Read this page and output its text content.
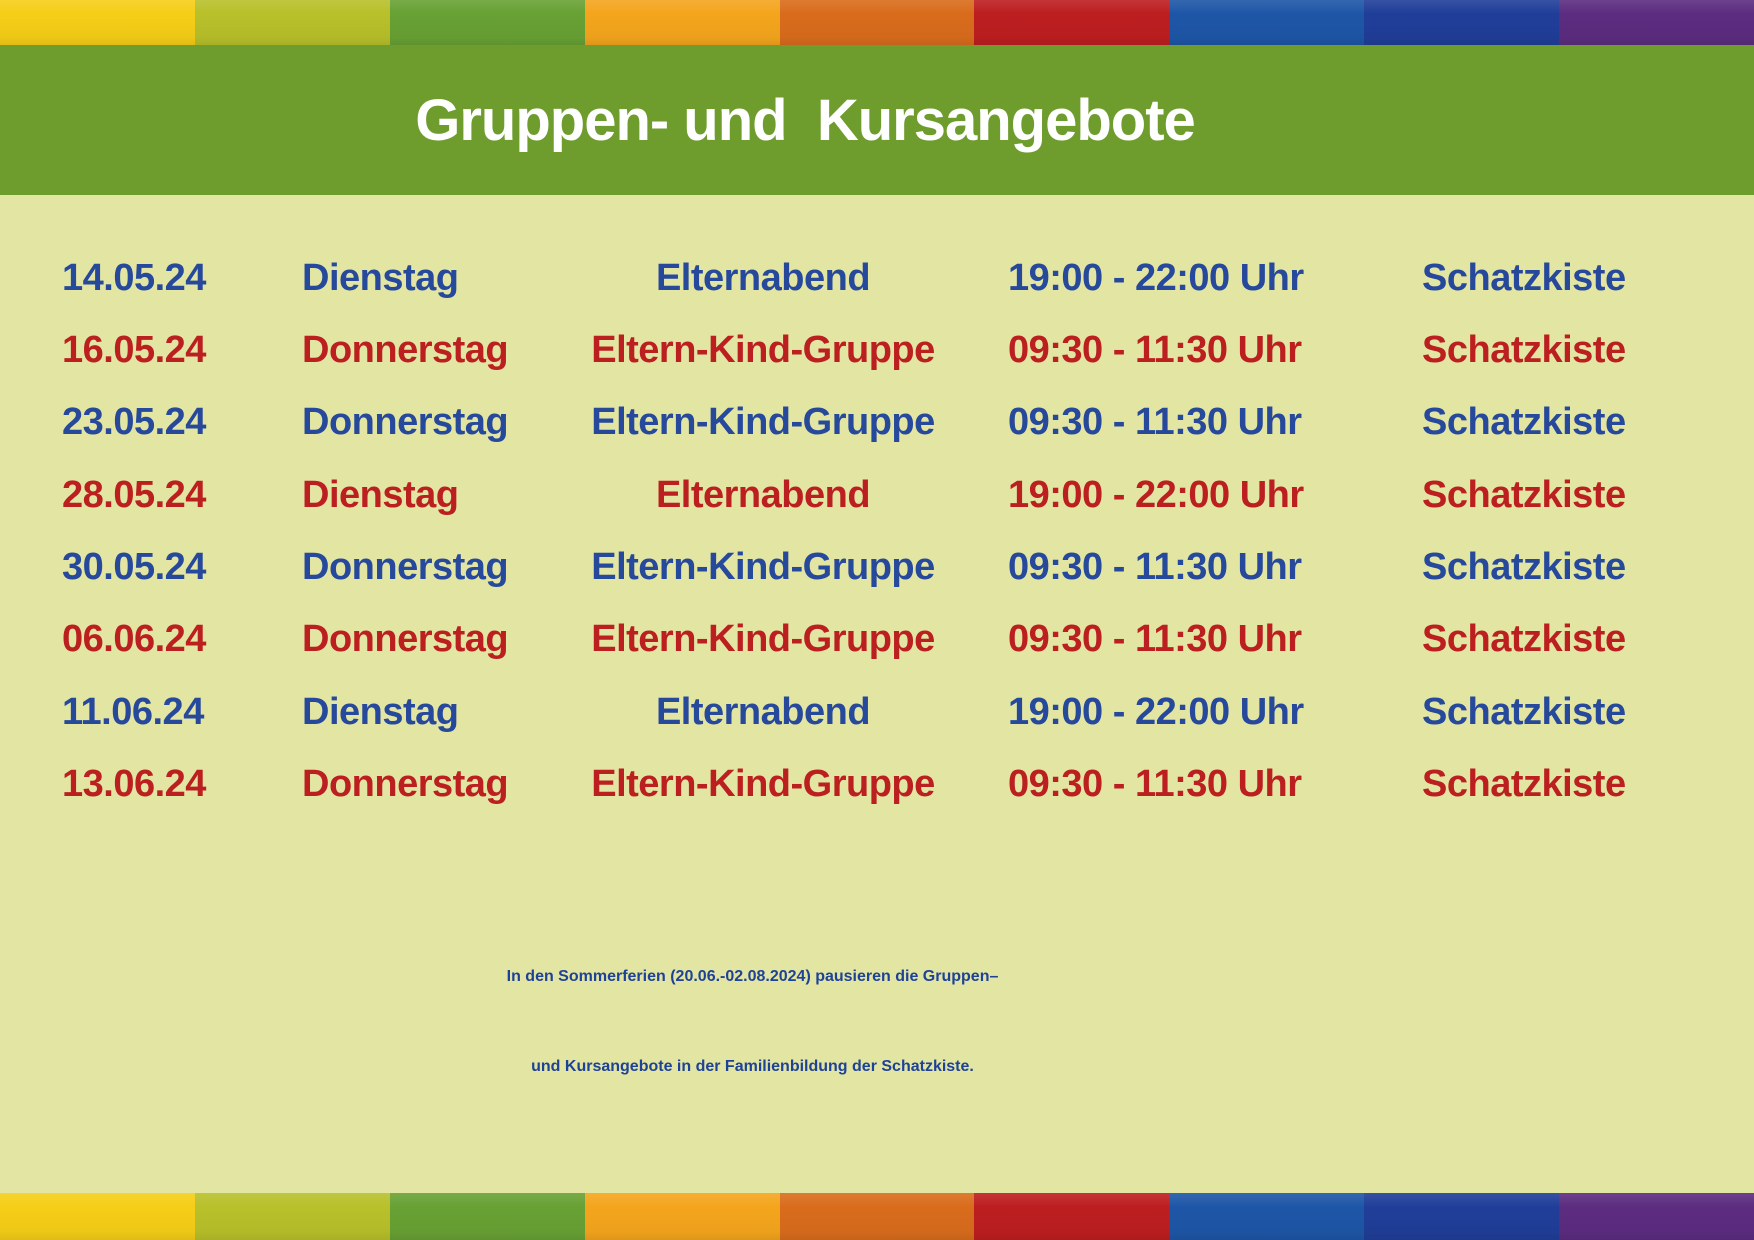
Gruppen- und  Kursangebote
14.05.24	Dienstag	Elternabend	19:00 - 22:00 Uhr	Schatzkiste
16.05.24	Donnerstag	Eltern-Kind-Gruppe	09:30 - 11:30 Uhr	Schatzkiste
23.05.24	Donnerstag	Eltern-Kind-Gruppe	09:30 - 11:30 Uhr	Schatzkiste
28.05.24	Dienstag	Elternabend	19:00 - 22:00 Uhr	Schatzkiste
30.05.24	Donnerstag	Eltern-Kind-Gruppe	09:30 - 11:30 Uhr	Schatzkiste
06.06.24	Donnerstag	Eltern-Kind-Gruppe	09:30 - 11:30 Uhr	Schatzkiste
11.06.24	Dienstag	Elternabend	19:00 - 22:00 Uhr	Schatzkiste
13.06.24	Donnerstag	Eltern-Kind-Gruppe	09:30 - 11:30 Uhr	Schatzkiste

In den Sommerferien (20.06.-02.08.2024) pausieren die Gruppen–

und Kursangebote in der Familienbildung der Schatzkiste.
